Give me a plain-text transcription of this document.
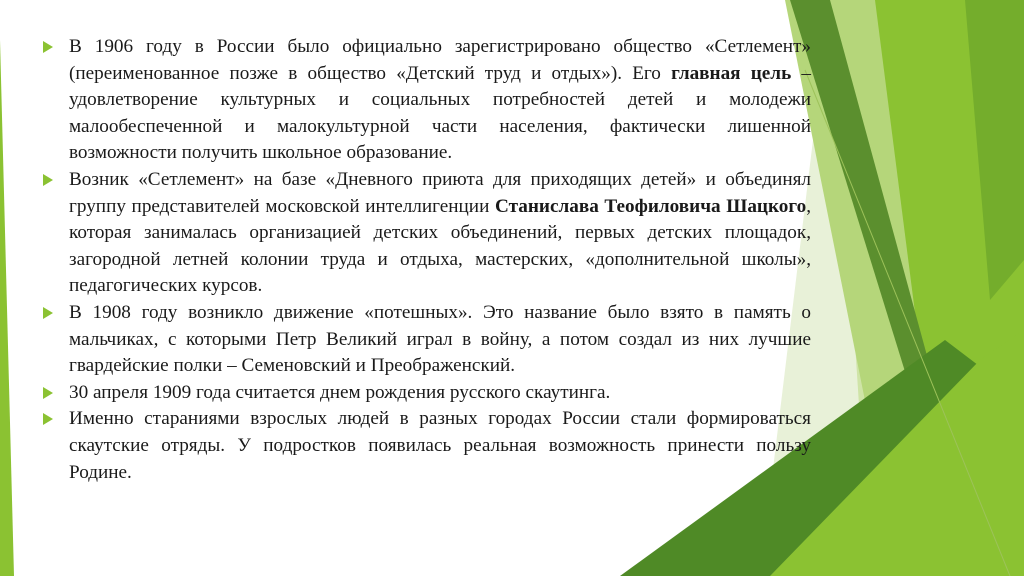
В 1906 году в России было официально зарегистрировано общество «Сетлемент» (переименованное позже в общество «Детский труд и отдых»). Его главная цель – удовлетворение культурных и социальных потребностей детей и молодежи малообеспеченной и малокультурной части населения, фактически лишенной возможности получить школьное образование.
Возник «Сетлемент» на базе «Дневного приюта для приходящих детей» и объединял группу представителей московской интеллигенции Станислава Теофиловича Шацкого, которая занималась организацией детских объединений, первых детских площадок, загородной летней колонии труда и отдыха, мастерских, «дополнительной школы», педагогических курсов.
В 1908 году возникло движение «потешных». Это название было взято в память о мальчиках, с которыми Петр Великий играл в войну, а потом создал из них лучшие гвардейские полки – Семеновский и Преображенский.
30 апреля 1909 года считается днем рождения русского скаутинга.
Именно стараниями взрослых людей в разных городах России стали формироваться скаутские отряды. У подростков появилась реальная возможность принести пользу Родине.
